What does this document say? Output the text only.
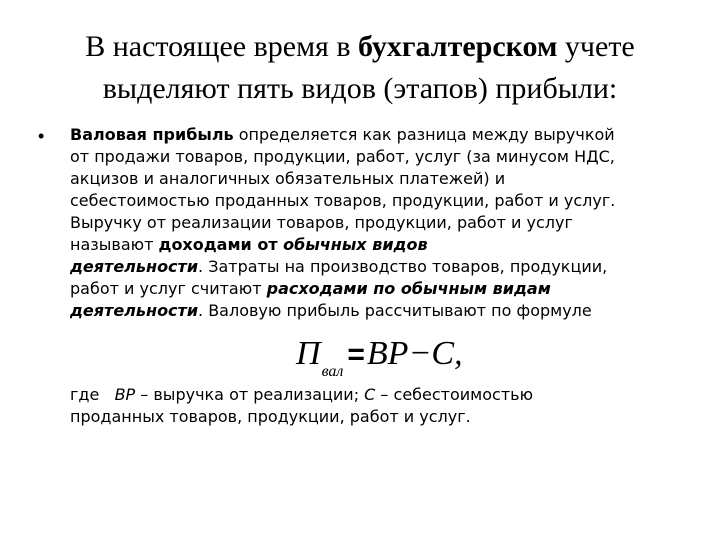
В настоящее время в бухгалтерском учете
выделяют пять видов (этапов) прибыли:
• Валовая прибыль определяется как разница между выручкой
от продажи товаров, продукции, работ, услуг (за минусом НДС,
акцизов и аналогичных обязательных платежей) и
себестоимостью проданных товаров, продукции, работ и услуг.
Выручку от реализации товаров, продукции, работ и услуг
называют доходами от обычных видов
деятельности. Затраты на производство товаров, продукции,
работ и услуг считают расходами по обычным видам
деятельности. Валовую прибыль рассчитывают по формуле
$П_{вал}=ВР-С$,
где   ВР – выручка от реализации; С – себестоимостью
проданных товаров, продукции, работ и услуг.
